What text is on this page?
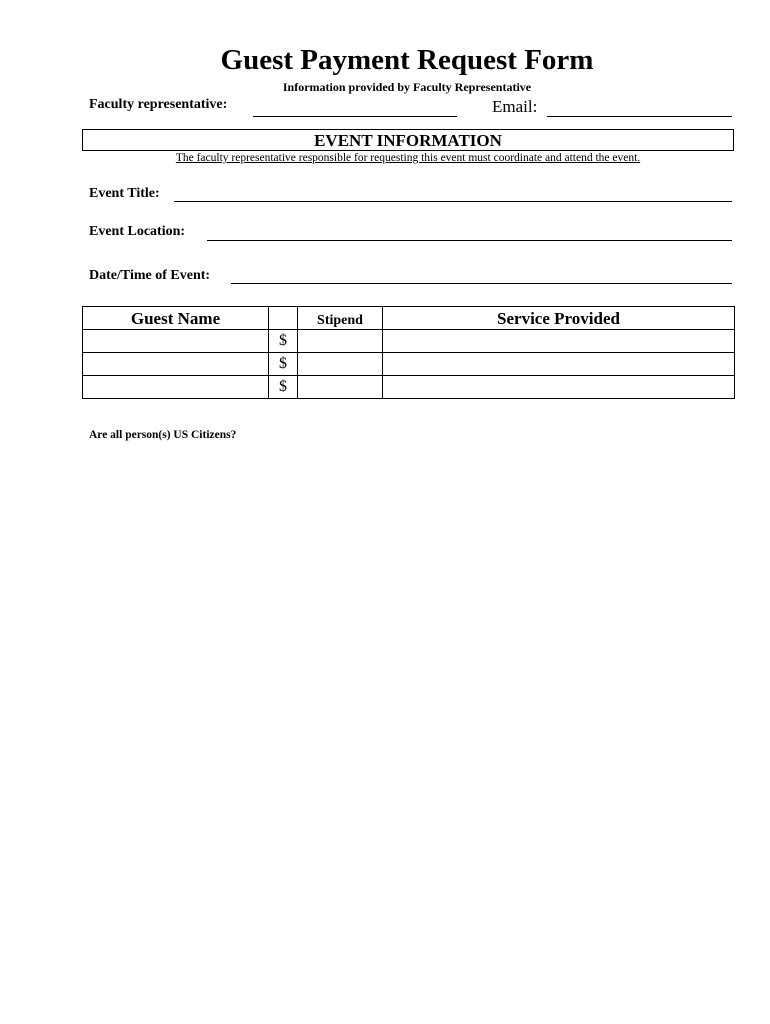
Guest Payment Request Form
Information provided by Faculty Representative
Faculty representative:	Email:
EVENT INFORMATION
The faculty representative responsible for requesting this event must coordinate and attend the event.
Event Title:
Event Location:
Date/Time of Event:
Guest Name		Stipend	Service Provided
	$		
	$		
	$		
Are all person(s) US Citizens?
